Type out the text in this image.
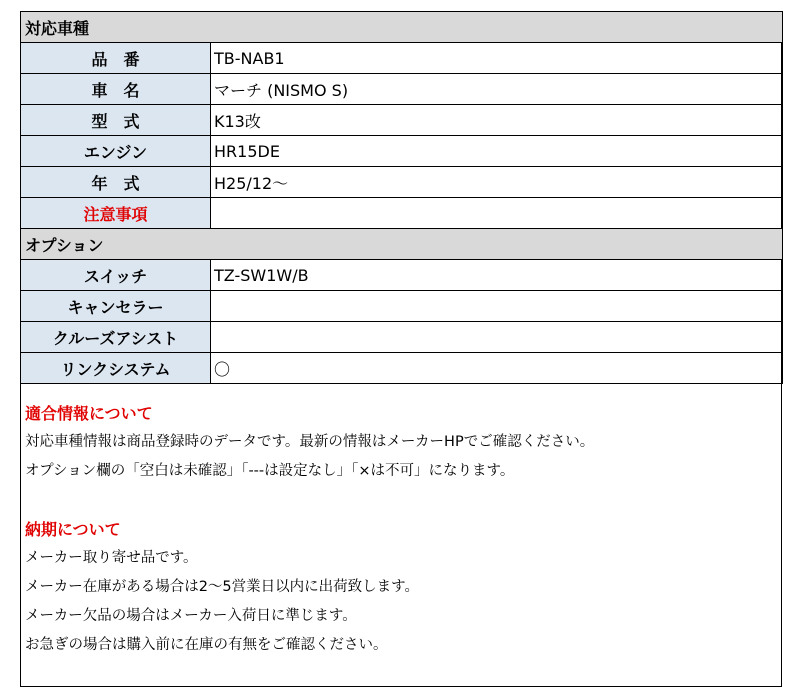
対応車種	
品　番	TB-NAB1
車　名	マーチ (NISMO S)
型　式	K13改
エンジン	HR15DE
年　式	H25/12〜
注意事項	
オプション	
スイッチ	TZ-SW1W/B
キャンセラー	
クルーズアシスト	
リンクシステム	〇
適合情報について
対応車種情報は商品登録時のデータです。最新の情報はメーカーHPでご確認ください。
オプション欄の「空白は未確認」「---は設定なし」「×は不可」になります。
納期について
メーカー取り寄せ品です。
メーカー在庫がある場合は2〜5営業日以内に出荷致します。
メーカー欠品の場合はメーカー入荷日に準じます。
お急ぎの場合は購入前に在庫の有無をご確認ください。
